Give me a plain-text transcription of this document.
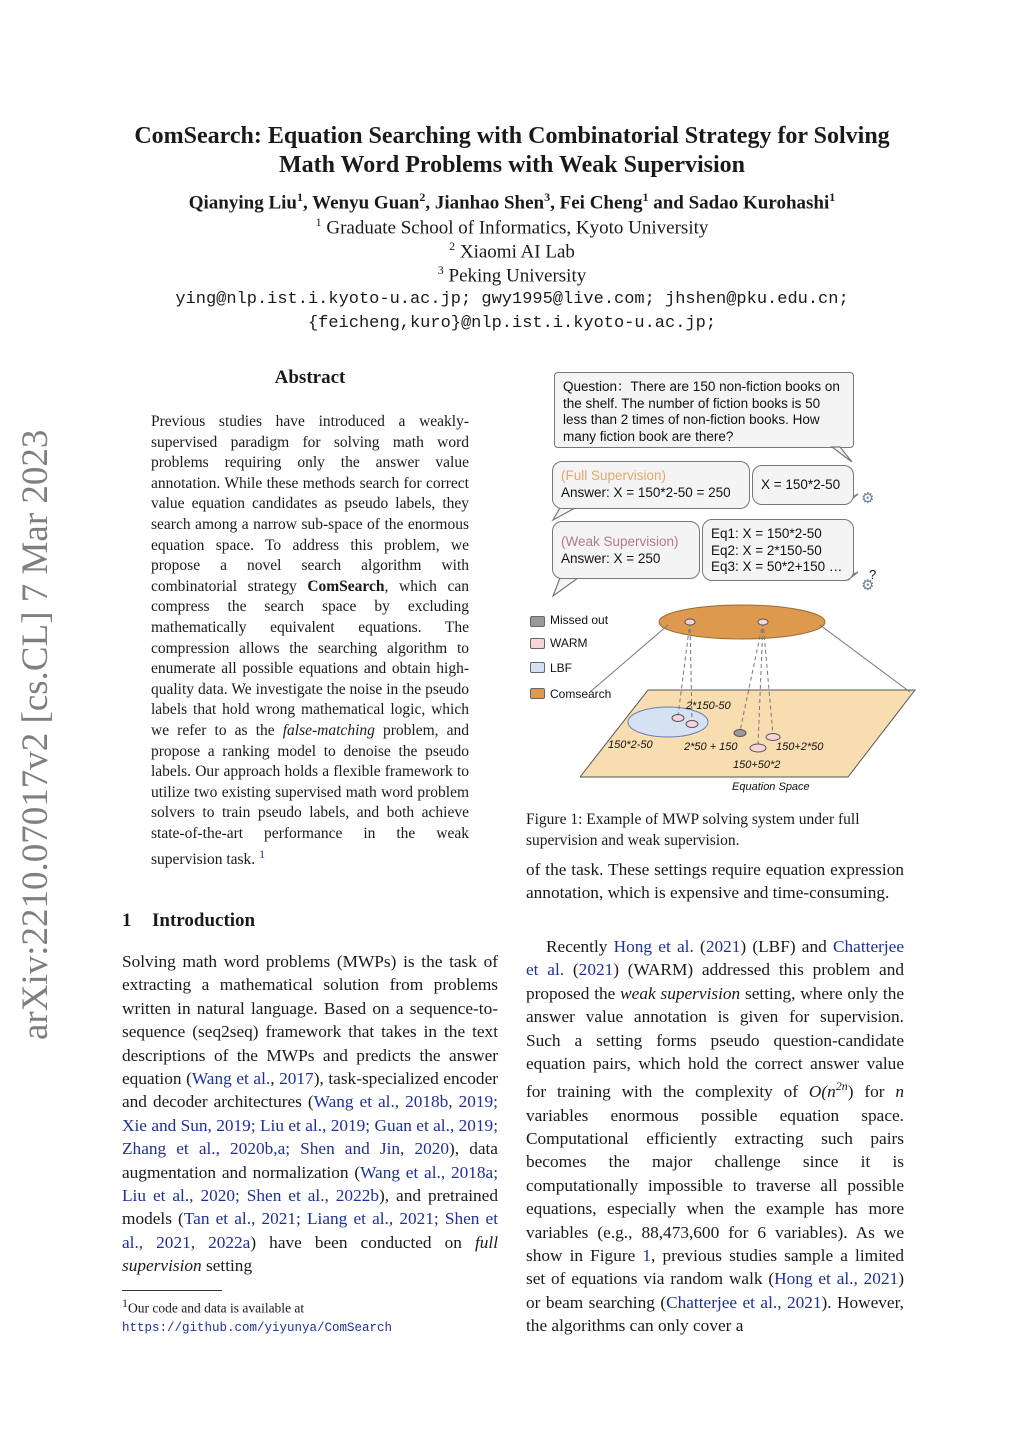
arXiv:2210.07017v2 [cs.CL] 7 Mar 2023
ComSearch: Equation Searching with Combinatorial Strategy for Solving
Math Word Problems with Weak Supervision
Qianying Liu$^1$, Wenyu Guan$^2$, Jianhao Shen$^3$, Fei Cheng$^1$ and Sadao Kurohashi$^1$
$^1$ Graduate School of Informatics, Kyoto University
$^2$ Xiaomi AI Lab
$^3$ Peking University
ying@nlp.ist.i.kyoto-u.ac.jp; gwy1995@live.com; jhshen@pku.edu.cn;
{feicheng,kuro}@nlp.ist.i.kyoto-u.ac.jp;
Abstract
Previous studies have introduced a weakly-supervised paradigm for solving math word problems requiring only the answer value annotation. While these methods search for correct value equation candidates as pseudo labels, they search among a narrow sub-space of the enormous equation space. To address this problem, we propose a novel search algorithm with combinatorial strategy ComSearch, which can compress the search space by excluding mathematically equivalent equations. The compression allows the searching algorithm to enumerate all possible equations and obtain high-quality data. We investigate the noise in the pseudo labels that hold wrong mathematical logic, which we refer to as the false-matching problem, and propose a ranking model to denoise the pseudo labels. Our approach holds a flexible framework to utilize two existing supervised math word problem solvers to train pseudo labels, and both achieve state-of-the-art performance in the weak supervision task. $^1$
1 Introduction
Solving math word problems (MWPs) is the task of extracting a mathematical solution from problems written in natural language. Based on a sequence-to-sequence (seq2seq) framework that takes in the text descriptions of the MWPs and predicts the answer equation (Wang et al., 2017), task-specialized encoder and decoder architectures (Wang et al., 2018b, 2019; Xie and Sun, 2019; Liu et al., 2019; Guan et al., 2019; Zhang et al., 2020b,a; Shen and Jin, 2020), data augmentation and normalization (Wang et al., 2018a; Liu et al., 2020; Shen et al., 2022b), and pretrained models (Tan et al., 2021; Liang et al., 2021; Shen et al., 2021, 2022a) have been conducted on full supervision setting
$^1$Our code and data is available at https://github.com/yiyunya/ComSearch
Question：There are 150 non-fiction books on the shelf. The number of fiction books is 50 less than 2 times of non-fiction books. How many fiction book are there?
(Full Supervision)
Answer: X = 150*2-50 = 250	X = 150*2-50
(Weak Supervision)
Answer: X = 250
Eq1: X = 150*2-50
Eq2: X = 2*150-50
Eq3: X = 50*2+150 …
⚙
⚙
?
Missed out
WARM
LBF
Comsearch
2*150-50
150*2-50	2*50 + 150	150+2*50
150+50*2
Equation Space
Figure 1: Example of MWP solving system under full supervision and weak supervision.
of the task. These settings require equation expression annotation, which is expensive and time-consuming.
Recently Hong et al. (2021) (LBF) and Chatterjee et al. (2021) (WARM) addressed this problem and proposed the weak supervision setting, where only the answer value annotation is given for supervision. Such a setting forms pseudo question-candidate equation pairs, which hold the correct answer value for training with the complexity of $O(n^{2n})$ for n variables enormous possible equation space. Computational efficiently extracting such pairs becomes the major challenge since it is computationally impossible to traverse all possible equations, especially when the example has more variables (e.g., 88,473,600 for 6 variables). As we show in Figure 1, previous studies sample a limited set of equations via random walk (Hong et al., 2021) or beam searching (Chatterjee et al., 2021). However, the algorithms can only cover a
